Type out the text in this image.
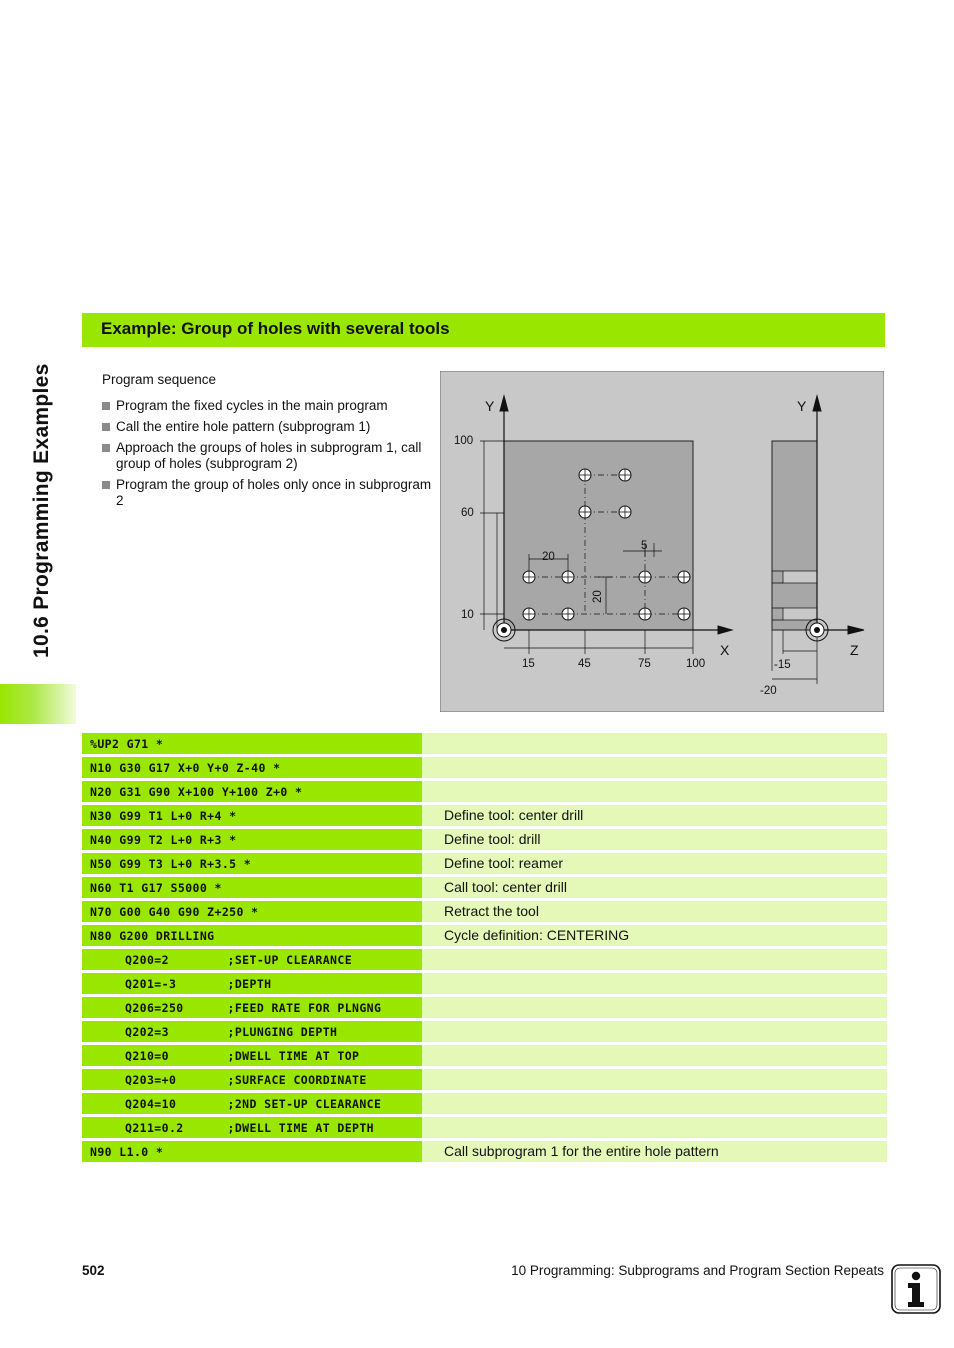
10.6 Programming Examples
Example: Group of holes with several tools
Program sequence
Program the fixed cycles in the main program
Call the entire hole pattern (subprogram 1)
Approach the groups of holes in subprogram 1, call group of holes (subprogram 2)
Program the group of holes only once in subprogram 2
Y
X
Y
Z
100
60
10
15	45	75	100
20
20
5
-15
-20
%UP2 G71 *
N10 G30 G17 X+0 Y+0 Z-40 *
N20 G31 G90 X+100 Y+100 Z+0 *
N30 G99 T1 L+0 R+4 *	Define tool: center drill
N40 G99 T2 L+0 R+3 *	Define tool: drill
N50 G99 T3 L+0 R+3.5 *	Define tool: reamer
N60 T1 G17 S5000 *	Call tool: center drill
N70 G00 G40 G90 Z+250 *	Retract the tool
N80 G200 DRILLING	Cycle definition: CENTERING
Q200=2        ;SET-UP CLEARANCE
Q201=-3       ;DEPTH
Q206=250      ;FEED RATE FOR PLNGNG
Q202=3        ;PLUNGING DEPTH
Q210=0        ;DWELL TIME AT TOP
Q203=+0       ;SURFACE COORDINATE
Q204=10       ;2ND SET-UP CLEARANCE
Q211=0.2      ;DWELL TIME AT DEPTH
N90 L1.0 *	Call subprogram 1 for the entire hole pattern
502	10 Programming: Subprograms and Program Section Repeats
